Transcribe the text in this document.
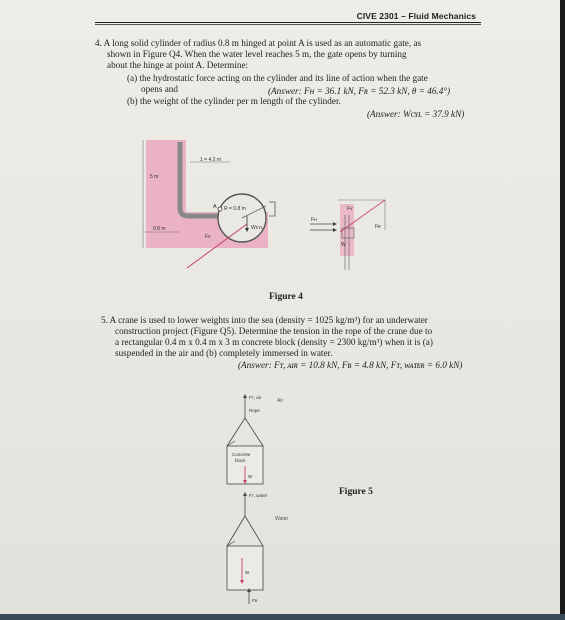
CIVE 2301 – Fluid Mechanics
4. A long solid cylinder of radius 0.8 m hinged at point A is used as an automatic gate, as
shown in Figure Q4. When the water level reaches 5 m, the gate opens by turning
about the hinge at point A. Determine:
(a) the hydrostatic force acting on the cylinder and its line of action when the gate
opens and	(Answer: Fʜ = 36.1 kN, Fʀ = 52.3 kN, θ = 46.4°)
(b) the weight of the cylinder per m length of the cylinder.
(Answer: Wᴄʏʟ = 37.9 kN)
1 = 4.2 m
5 m
0.8 m
A R = 0.8 m
Wᴄʏʟ
Fᴀ
Fʜ
Fᴠ
W
Fʀ
Figure 4
5. A crane is used to lower weights into the sea (density = 1025 kg/m³) for an underwater
construction project (Figure Q5). Determine the tension in the rope of the crane due to
a rectangular 0.4 m x 0.4 m x 3 m concrete block (density = 2300 kg/m³) when it is (a)
suspended in the air and (b) completely immersed in water.
(Answer: Fᴛ, ᴀɪʀ = 10.8 kN, Fʙ = 4.8 kN, Fᴛ, ᴡᴀᴛᴇʀ = 6.0 kN)
Fᴛ, air
Air
Rope
Concrete
block
W
Fᴛ, water
Water
W
Fʙ
Figure 5
